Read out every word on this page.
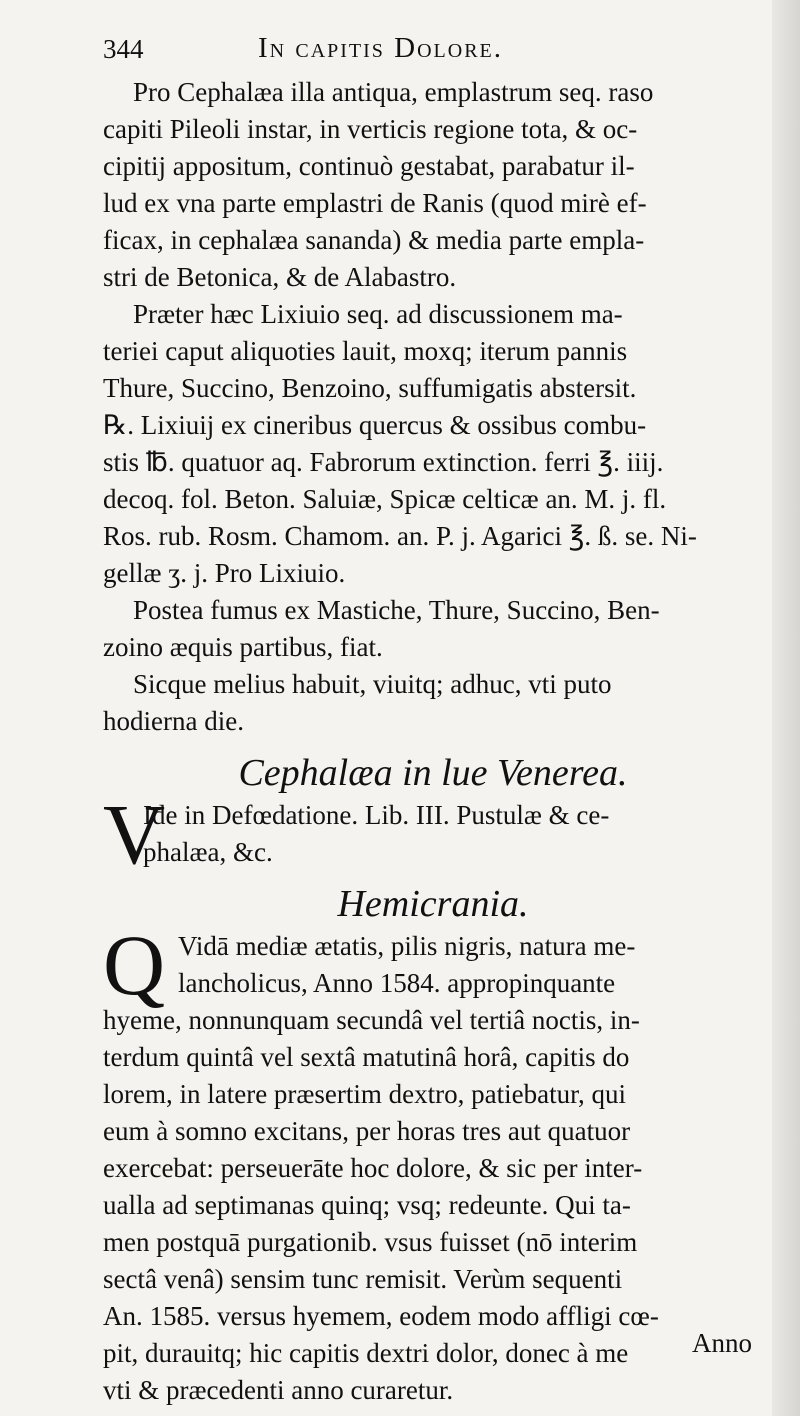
344	In capitis Dolore.
Pro Cephalæa illa antiqua, emplastrum seq. raso
capiti Pileoli instar, in verticis regione tota, & oc-
cipitij appositum, continuò gestabat, parabatur il-
lud ex vna parte emplastri de Ranis (quod mirè ef-
ficax, in cephalæa sananda) & media parte empla-
stri de Betonica, & de Alabastro.
Præter hæc Lixiuio seq. ad discussionem ma-
teriei caput aliquoties lauit, moxq; iterum pannis
Thure, Succino, Benzoino, suffumigatis abstersit.
℞. Lixiuij ex cineribus quercus & ossibus combu-
stis ℔. quatuor aq. Fabrorum extinction. ferri ℥. iiij.
decoq. fol. Beton. Saluiæ, Spicæ celticæ an. M. j. fl.
Ros. rub. Rosm. Chamom. an. P. j. Agarici ℥. ß. se. Ni-
gellæ ʒ. j. Pro Lixiuio.
Postea fumus ex Mastiche, Thure, Succino, Ben-
zoino æquis partibus, fiat.
Sicque melius habuit, viuitq; adhuc, vti puto
hodierna die.
Cephalæa in lue Venerea.
V
Ide in Defœdatione. Lib. III. Pustulæ & ce-
phalæa, &c.
Hemicrania.
Q Vidā mediæ ætatis, pilis nigris, natura me-
lancholicus, Anno 1584. appropinquante
hyeme, nonnunquam secundâ vel tertiâ noctis, in-
terdum quintâ vel sextâ matutinâ horâ, capitis do
lorem, in latere præsertim dextro, patiebatur, qui
eum à somno excitans, per horas tres aut quatuor
exercebat: perseuerāte hoc dolore, & sic per inter-
ualla ad septimanas quinq; vsq; redeunte. Qui ta-
men postquā purgationib. vsus fuisset (nō interim
sectâ venâ) sensim tunc remisit. Verùm sequenti
An. 1585. versus hyemem, eodem modo affligi cœ-
pit, durauitq; hic capitis dextri dolor, donec à me
vti & præcedenti anno curaretur.
Anno
